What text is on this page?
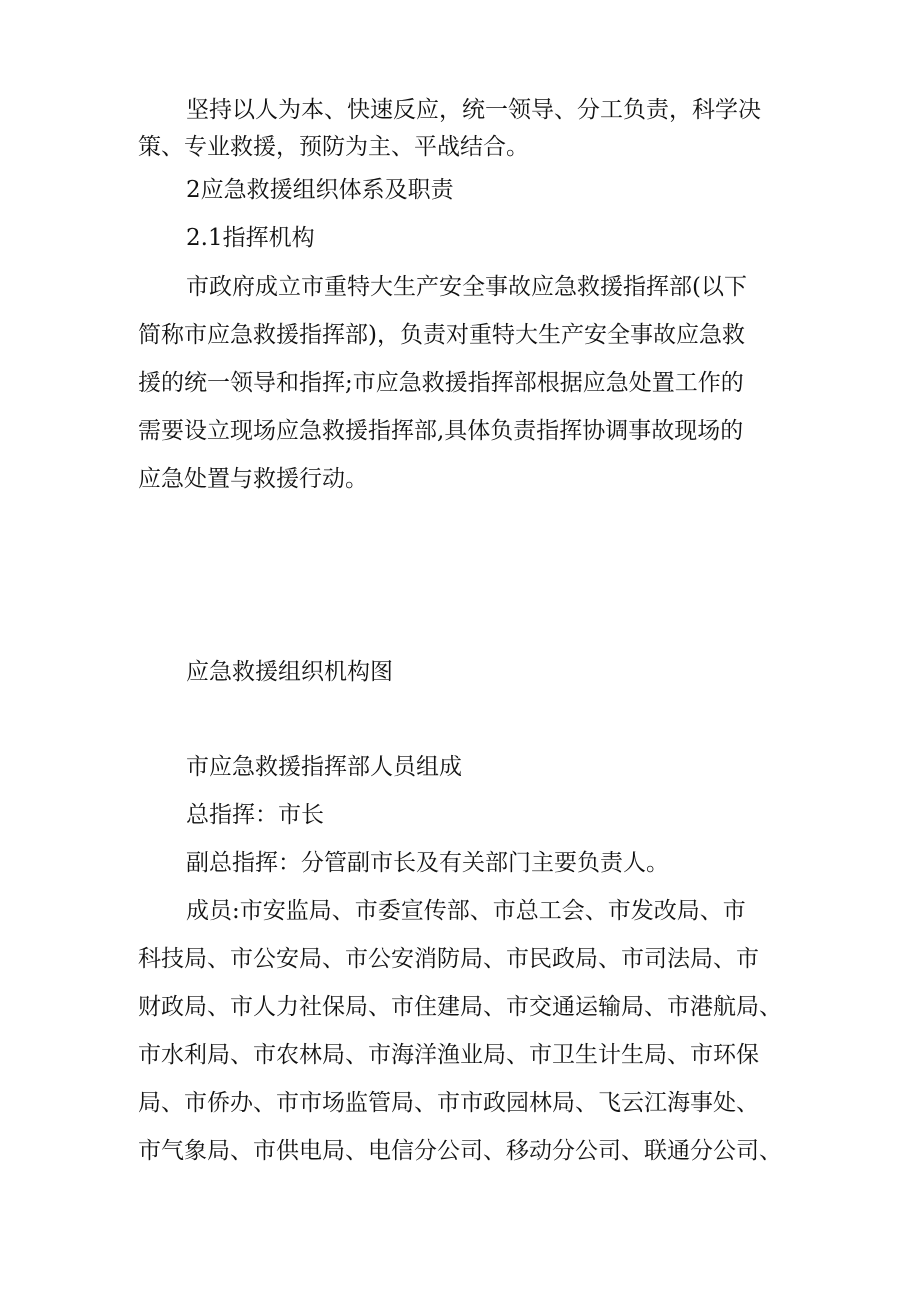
坚持以人为本、快速反应，统一领导、分工负责，科学决
策、专业救援，预防为主、平战结合。
2应急救援组织体系及职责
2.1指挥机构
市政府成立市重特大生产安全事故应急救援指挥部(以下
简称市应急救援指挥部)，负责对重特大生产安全事故应急救
援的统一领导和指挥;市应急救援指挥部根据应急处置工作的
需要设立现场应急救援指挥部,具体负责指挥协调事故现场的
应急处置与救援行动。
应急救援组织机构图
市应急救援指挥部人员组成
总指挥：市长
副总指挥：分管副市长及有关部门主要负责人。
成员:市安监局、市委宣传部、市总工会、市发改局、市
科技局、市公安局、市公安消防局、市民政局、市司法局、市
财政局、市人力社保局、市住建局、市交通运输局、市港航局、
市水利局、市农林局、市海洋渔业局、市卫生计生局、市环保
局、市侨办、市市场监管局、市市政园林局、飞云江海事处、
市气象局、市供电局、电信分公司、移动分公司、联通分公司、
